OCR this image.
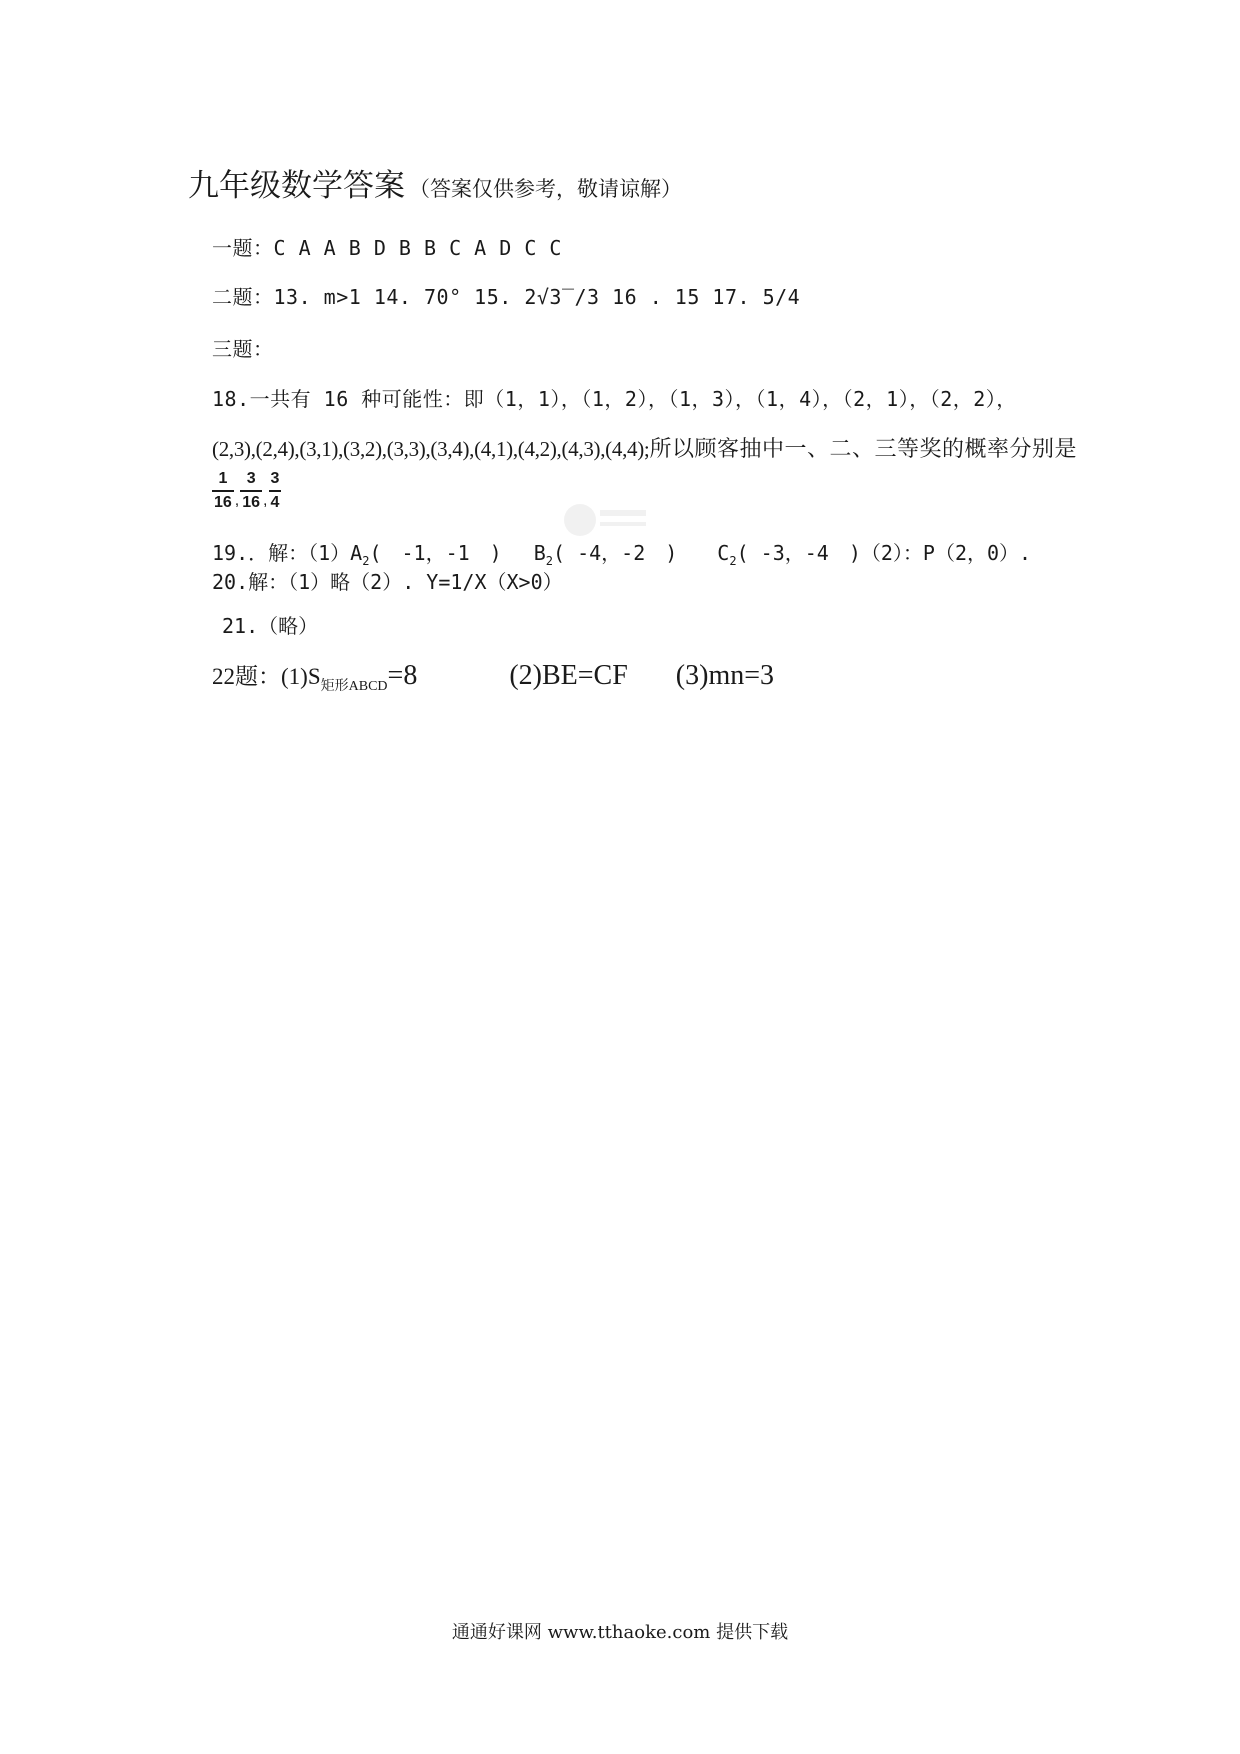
九年级数学答案 （答案仅供参考，敬请谅解）
一题：C A A B D B B C A D C C
二题：13. m>1 14. 70° 15. 2√3‾/3 16 . 15 17. 5/4
三题：
18.一共有 16 种可能性：即（1，1），（1，2），（1，3），（1，4），（2，1），（2，2），
(2,3),(2,4),(3,1),(3,2),(3,3),(3,4),(4,1),(4,2),(4,3),(4,4);所以顾客抽中一、二、三等奖的概率分别是
$\frac{1}{16}$ , $\frac{3}{16}$ , $\frac{3}{4}$
19.．解：$(1)A_2$(　-1，-1　)　 $B_2$( -4，-2　)　　$C_2$( -3，-4　)（2）：P（2，0）.
20.解：（1）略（2）. Y=1/X（X>0）
21.（略）
22题：$(1)S_{矩形ABCD}=8$	(2)BE=CF (3)mn=3
通通好课网 www.tthaoke.com 提供下载
